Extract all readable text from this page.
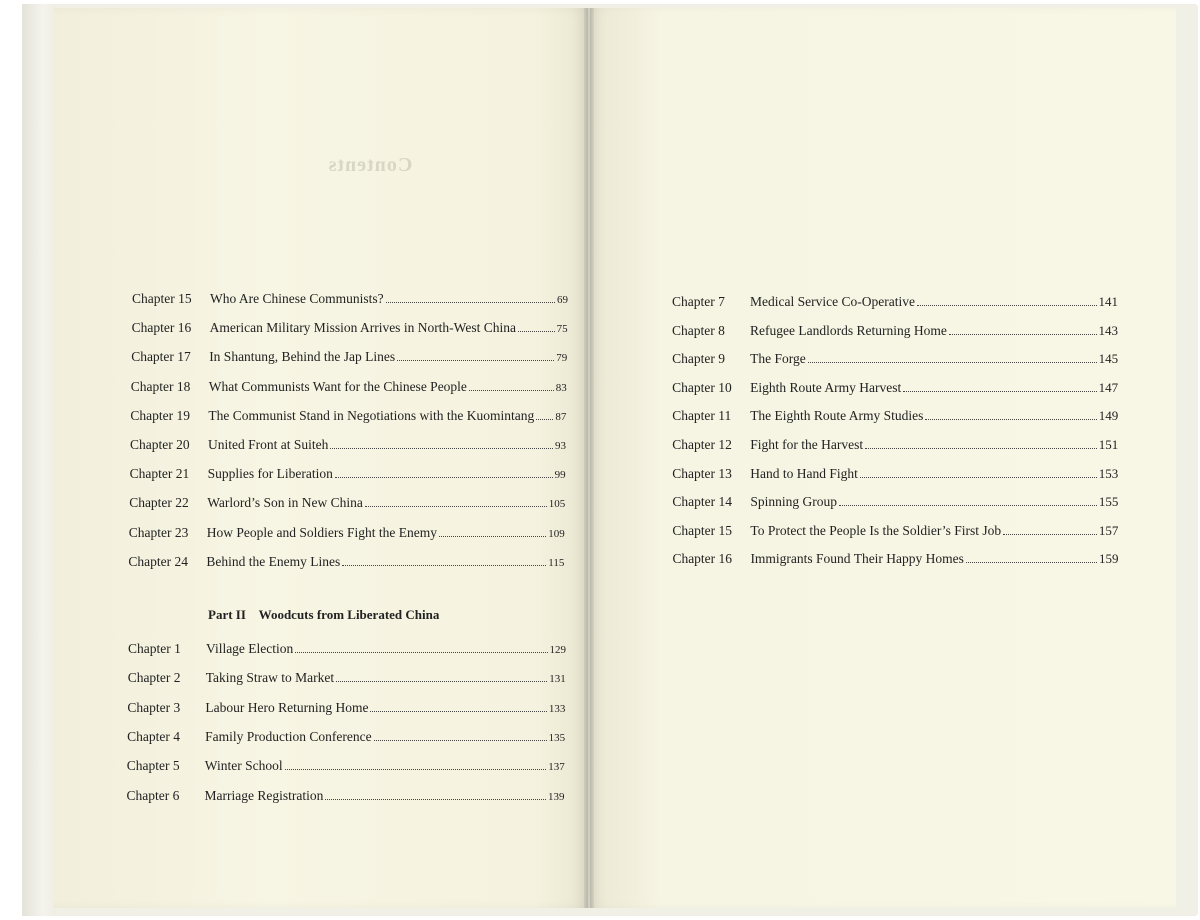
Contents
Chapter 15	Who Are Chinese Communists?	69
Chapter 16	American Military Mission Arrives in North-West China	75
Chapter 17	In Shantung, Behind the Jap Lines	79
Chapter 18	What Communists Want for the Chinese People	83
Chapter 19	The Communist Stand in Negotiations with the Kuomintang 87
Chapter 20	United Front at Suiteh	93
Chapter 21	Supplies for Liberation	99
Chapter 22	Warlord’s Son in New China	105
Chapter 23	How People and Soldiers Fight the Enemy	109
Chapter 24	Behind the Enemy Lines	115
Part II    Woodcuts from Liberated China
Chapter 1	Village Election	129
Chapter 2	Taking Straw to Market	131
Chapter 3	Labour Hero Returning Home	133
Chapter 4	Family Production Conference	135
Chapter 5	Winter School	137
Chapter 6	Marriage Registration	139
Chapter 7	Medical Service Co-Operative	141
Chapter 8	Refugee Landlords Returning Home	143
Chapter 9	The Forge	145
Chapter 10	Eighth Route Army Harvest	147
Chapter 11	The Eighth Route Army Studies	149
Chapter 12	Fight for the Harvest	151
Chapter 13	Hand to Hand Fight	153
Chapter 14	Spinning Group	155
Chapter 15	To Protect the People Is the Soldier’s First Job	157
Chapter 16	Immigrants Found Their Happy Homes	159
